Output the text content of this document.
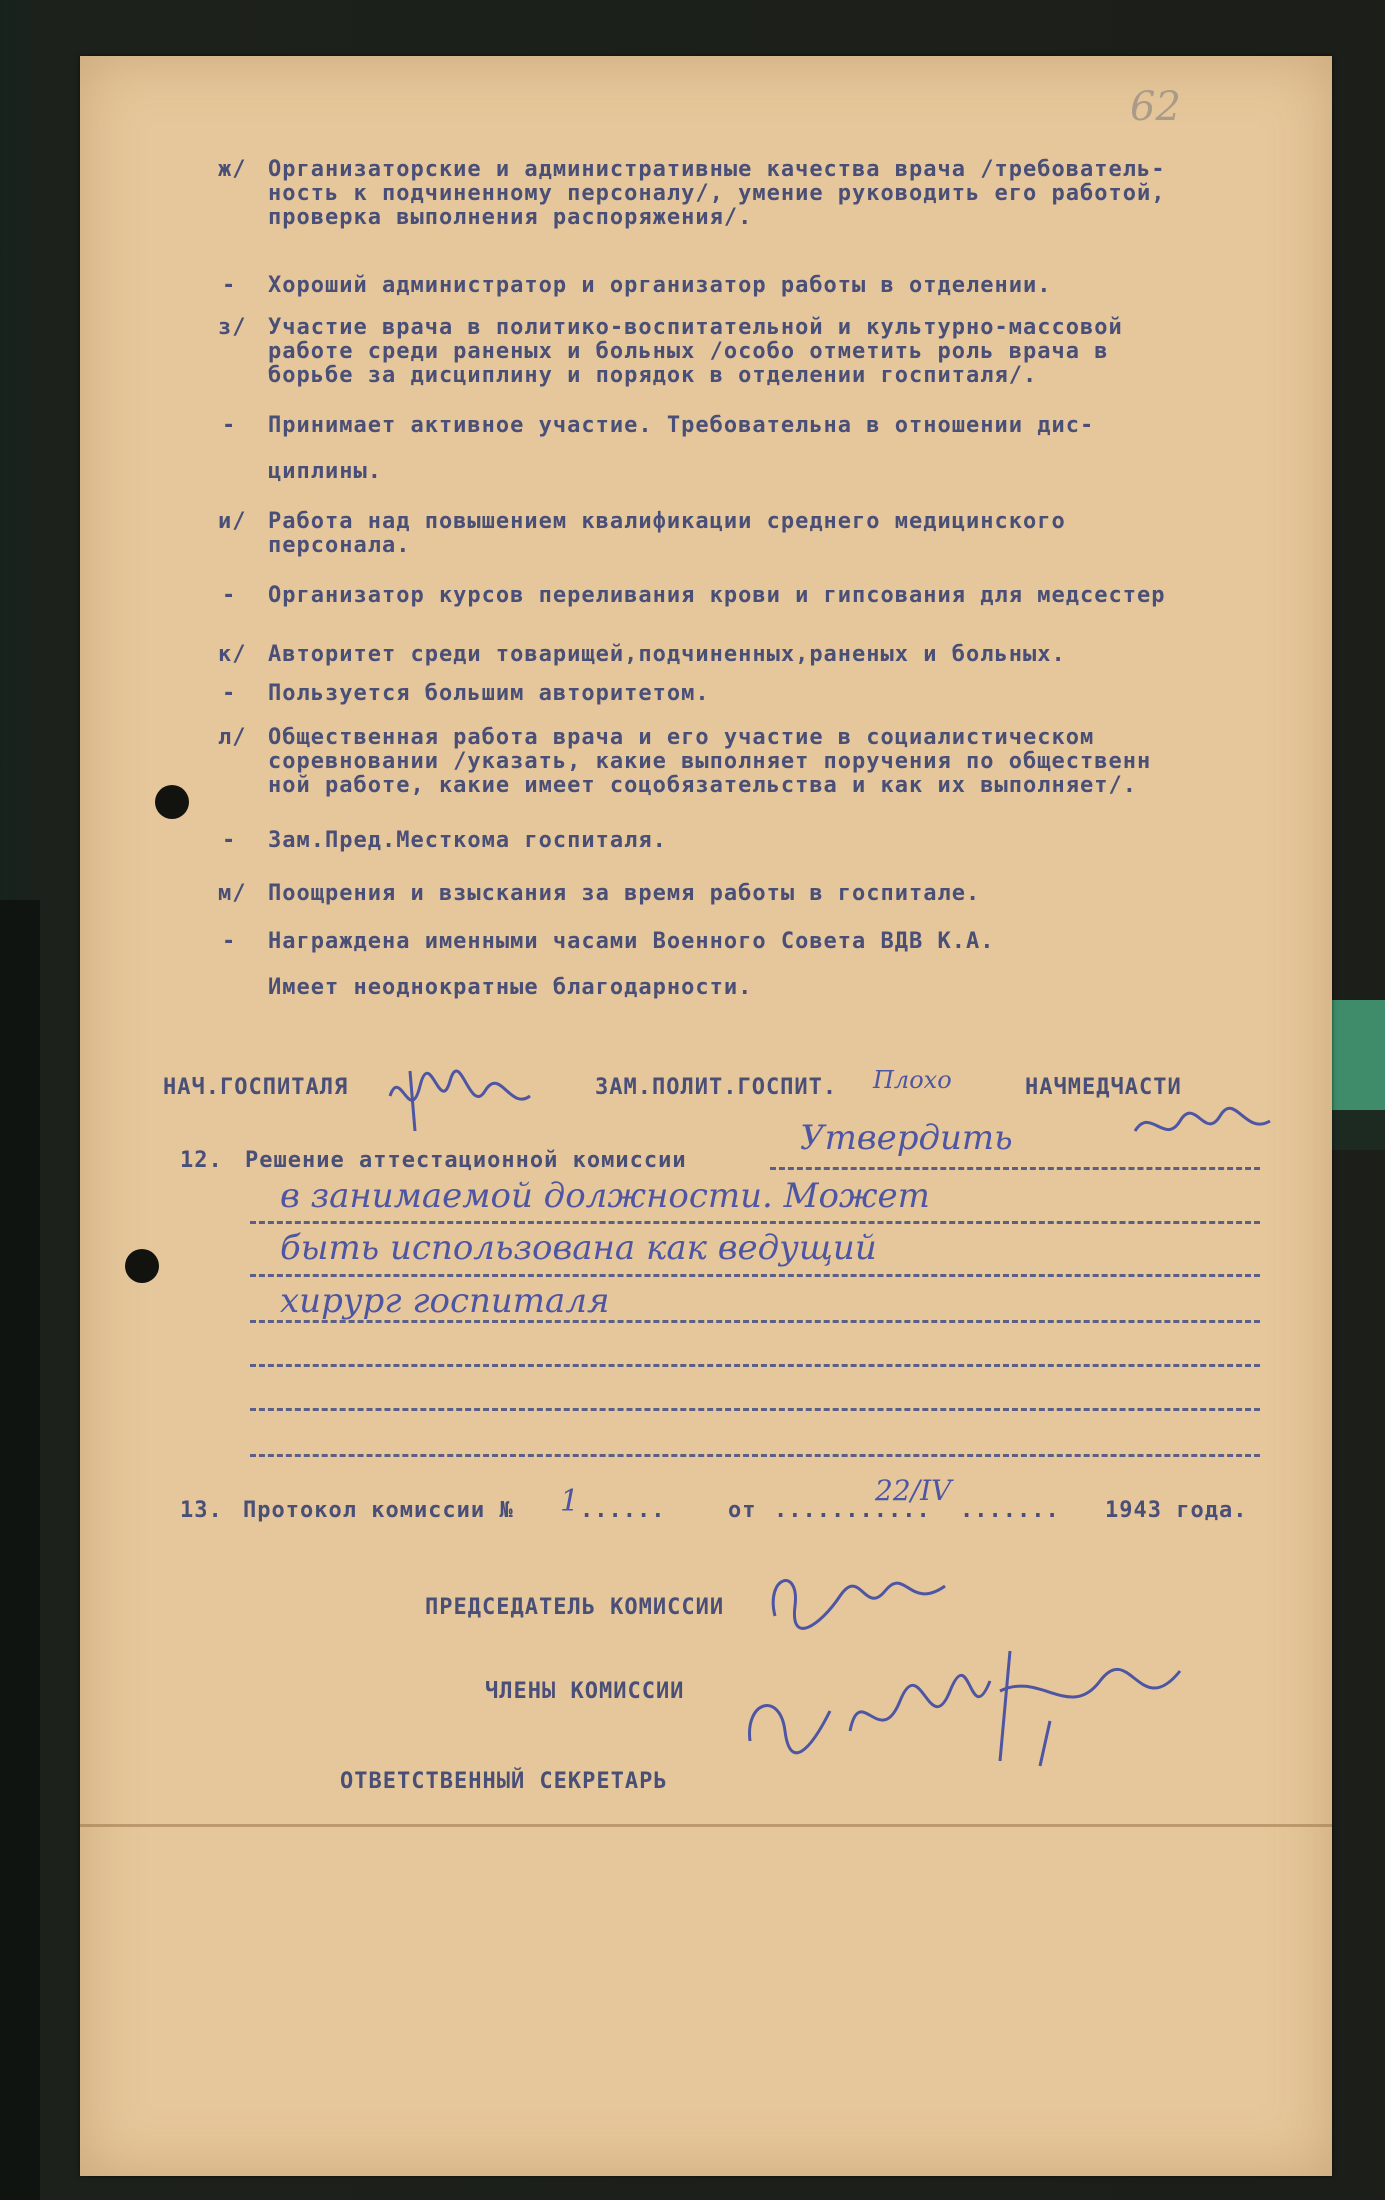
62
ж/ Организаторские и административные качества врача /требователь-
ность к подчиненному персоналу/, умение руководить его работой,
проверка выполнения распоряжения/.
- Хороший администратор и организатор работы в отделении.
з/ Участие врача в политико-воспитательной и культурно-массовой
работе среди раненых и больных /особо отметить роль врача в
борьбе за дисциплину и порядок в отделении госпиталя/.
- Принимает активное участие. Требовательна в отношении дис-
циплины.
и/ Работа над повышением квалификации среднего медицинского
персонала.
- Организатор курсов переливания крови и гипсования для медсестер
к/ Авторитет среди товарищей,подчиненных,раненых и больных.
- Пользуется большим авторитетом.
л/ Общественная работа врача и его участие в социалистическом
соревновании /указать, какие выполняет поручения по общественн
ной работе, какие имеет соцобязательства и как их выполняет/.
- Зам.Пред.Месткома госпиталя.
м/ Поощрения и взыскания за время работы в госпитале.
- Награждена именными часами Военного Совета ВДВ К.А.
Имеет неоднократные благодарности.
НАЧ.ГОСПИТАЛЯ	ЗАМ.ПОЛИТ.ГОСПИТ. Плохо	НАЧМЕДЧАСТИ
12. Решение аттестационной комиссии
Утвердить
в занимаемой должности. Может
быть использована как ведущий
хирург госпиталя
13. Протокол комиссии № 1 ......	от ...........
22/IV
....... 1943 года.
ПРЕДСЕДАТЕЛЬ КОМИССИИ
ЧЛЕНЫ КОМИССИИ
ОТВЕТСТВЕННЫЙ СЕКРЕТАРЬ
